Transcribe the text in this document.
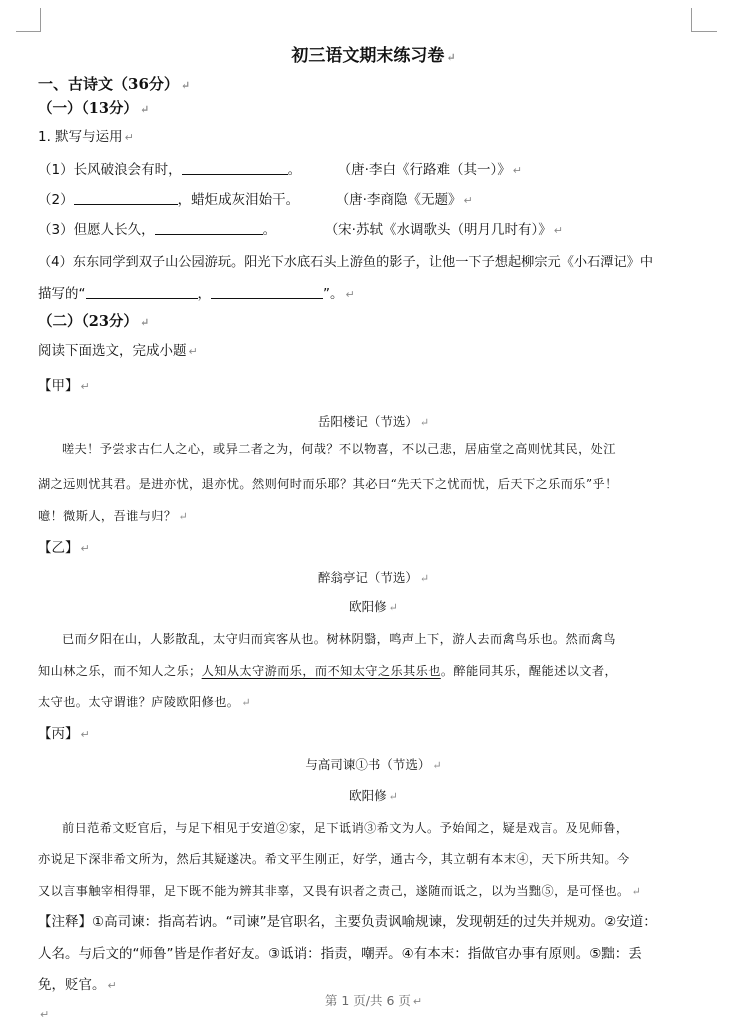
初三语文期末练习卷 ↵
一、古诗文（36分） ↵
（一）（13分） ↵
1. 默写与运用 ↵
（1）长风破浪会有时，	。	（唐·李白《行路难（其一）》 ↵
（2）	，蜡炬成灰泪始干。	（唐·李商隐《无题》 ↵
（3）但愿人长久，	。	（宋·苏轼《水调歌头（明月几时有）》 ↵
（4）东东同学到双子山公园游玩。阳光下水底石头上游鱼的影子，让他一下子想起柳宗元《小石潭记》中
描写的“	，	”。 ↵
（二）（23分） ↵
阅读下面选文，完成小题 ↵
【甲】 ↵
岳阳楼记（节选） ↵
嗟夫！予尝求古仁人之心，或异二者之为，何哉？不以物喜，不以己悲，居庙堂之高则忧其民，处江
湖之远则忧其君。是进亦忧，退亦忧。然则何时而乐耶？其必曰“先天下之忧而忧，后天下之乐而乐”乎！
噫！微斯人，吾谁与归？ ↵
【乙】 ↵
醉翁亭记（节选） ↵
欧阳修 ↵
已而夕阳在山，人影散乱，太守归而宾客从也。树林阴翳，鸣声上下，游人去而禽鸟乐也。然而禽鸟
知山林之乐，而不知人之乐；人知从太守游而乐，而不知太守之乐其乐也。醉能同其乐，醒能述以文者，
太守也。太守谓谁？庐陵欧阳修也。 ↵
【丙】 ↵
与高司谏①书（节选） ↵
欧阳修 ↵
前日范希文贬官后，与足下相见于安道②家，足下诋诮③希文为人。予始闻之，疑是戏言。及见师鲁，
亦说足下深非希文所为，然后其疑遂决。希文平生刚正，好学，通古今，其立朝有本末④，天下所共知。今
又以言事触宰相得罪，足下既不能为辨其非辜，又畏有识者之责己，遂随而诋之，以为当黜⑤，是可怪也。 ↵
【注释】①高司谏：指高若讷。“司谏”是官职名，主要负责讽喻规谏，发现朝廷的过失并规劝。②安道：
人名。与后文的“师鲁”皆是作者好友。③诋诮：指责，嘲弄。④有本末：指做官办事有原则。⑤黜：丢
免，贬官。 ↵
第 1 页/共 6 页 ↵
↵
